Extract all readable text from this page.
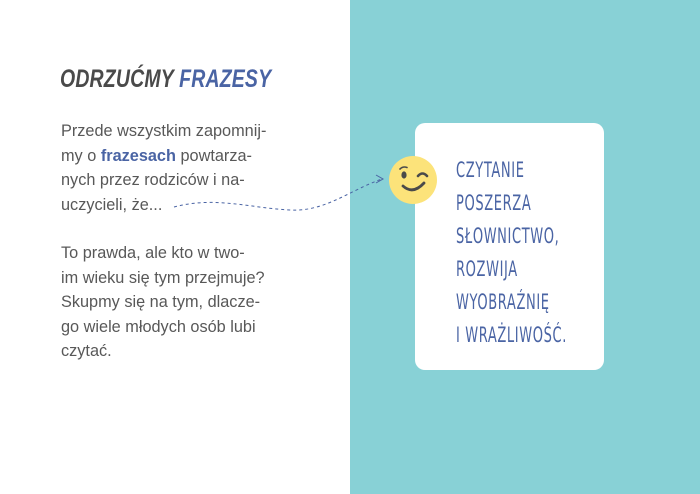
ODRZUĆMY FRAZESY

Przede wszystkim zapomnij-
my o frazesach powtarza-
nych przez rodziców i na-
uczycieli, że...

To prawda, ale kto w two-
im wieku się tym przejmuje?
Skupmy się na tym, dlacze-
go wiele młodych osób lubi
czytać.

CZYTANIE
POSZERZA
SŁOWNICTWO,
ROZWIJA
WYOBRAŹNIĘ
I WRAŻLIWOŚĆ.
